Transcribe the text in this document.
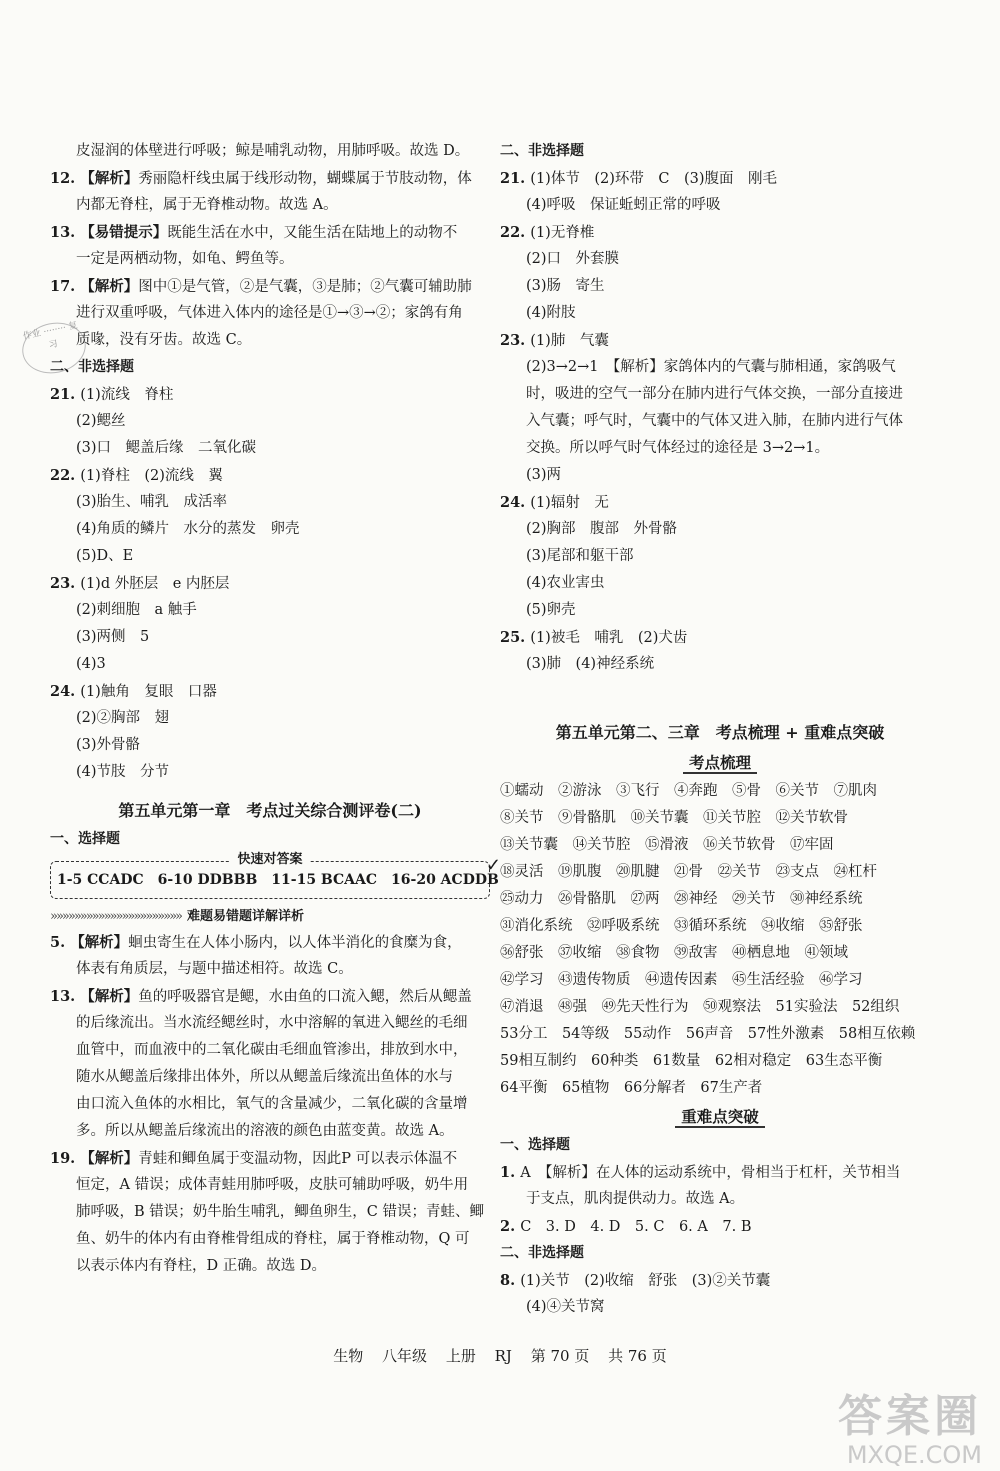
作业 ········ 复习
皮湿润的体壁进行呼吸；鲸是哺乳动物，用肺呼吸。故选 D。
12. 【解析】秀丽隐杆线虫属于线形动物，蝴蝶属于节肢动物，体
内都无脊柱，属于无脊椎动物。故选 A。
13. 【易错提示】既能生活在水中，又能生活在陆地上的动物不
一定是两栖动物，如龟、鳄鱼等。
17. 【解析】图中①是气管，②是气囊，③是肺；②气囊可辅助肺
进行双重呼吸，气体进入体内的途径是①→③→②；家鸽有角
质喙，没有牙齿。故选 C。
二、非选择题
21. (1)流线　脊柱
(2)鳃丝
(3)口　鳃盖后缘　二氧化碳
22. (1)脊柱　(2)流线　翼
(3)胎生、哺乳　成活率
(4)角质的鳞片　水分的蒸发　卵壳
(5)D、E
23. (1)d 外胚层　e 内胚层
(2)刺细胞　a 触手
(3)两侧　5
(4)3
24. (1)触角　复眼　口器
(2)②胸部　翅
(3)外骨骼
(4)节肢　分节
第五单元第一章　考点过关综合测评卷(二)
一、选择题
快速对答案
1-5 CCADC　6-10 DDBBB　11-15 BCAAC　16-20 ACDDB
✓
»»»»»»»»»»»»»»»»»»»»»» 难题易错题详解详析
5. 【解析】蛔虫寄生在人体小肠内，以人体半消化的食糜为食，
体表有角质层，与题中描述相符。故选 C。
13. 【解析】鱼的呼吸器官是鳃，水由鱼的口流入鳃，然后从鳃盖
的后缘流出。当水流经鳃丝时，水中溶解的氧进入鳃丝的毛细
血管中，而血液中的二氧化碳由毛细血管渗出，排放到水中，
随水从鳃盖后缘排出体外，所以从鳃盖后缘流出鱼体的水与
由口流入鱼体的水相比，氧气的含量减少，二氧化碳的含量增
多。所以从鳃盖后缘流出的溶液的颜色由蓝变黄。故选 A。
19. 【解析】青蛙和鲫鱼属于变温动物，因此P 可以表示体温不
恒定，A 错误；成体青蛙用肺呼吸，皮肤可辅助呼吸，奶牛用
肺呼吸，B 错误；奶牛胎生哺乳，鲫鱼卵生，C 错误；青蛙、鲫
鱼、奶牛的体内有由脊椎骨组成的脊柱，属于脊椎动物，Q 可
以表示体内有脊柱，D 正确。故选 D。
二、非选择题
21. (1)体节　(2)环带　C　(3)腹面　刚毛
(4)呼吸　保证蚯蚓正常的呼吸
22. (1)无脊椎
(2)口　外套膜
(3)肠　寄生
(4)附肢
23. (1)肺　气囊
(2)3→2→1　【解析】家鸽体内的气囊与肺相通，家鸽吸气
时，吸进的空气一部分在肺内进行气体交换，一部分直接进
入气囊；呼气时，气囊中的气体又进入肺，在肺内进行气体
交换。所以呼气时气体经过的途径是 3→2→1。
(3)两
24. (1)辐射　无
(2)胸部　腹部　外骨骼
(3)尾部和躯干部
(4)农业害虫
(5)卵壳
25. (1)被毛　哺乳　(2)犬齿
(3)肺　(4)神经系统
第五单元第二、三章　考点梳理 + 重难点突破
考点梳理
①蠕动　②游泳　③飞行　④奔跑　⑤骨　⑥关节　⑦肌肉
⑧关节　⑨骨骼肌　⑩关节囊　⑪关节腔　⑫关节软骨
⑬关节囊　⑭关节腔　⑮滑液　⑯关节软骨　⑰牢固
⑱灵活　⑲肌腹　⑳肌腱　㉑骨　㉒关节　㉓支点　㉔杠杆
㉕动力　㉖骨骼肌　㉗两　㉘神经　㉙关节　㉚神经系统
㉛消化系统　㉜呼吸系统　㉝循环系统　㉞收缩　㉟舒张
㊱舒张　㊲收缩　㊳食物　㊴敌害　㊵栖息地　㊶领域
㊷学习　㊸遗传物质　㊹遗传因素　㊺生活经验　㊻学习
㊼消退　㊽强　㊾先天性行为　㊿观察法　51实验法　52组织
53分工　54等级　55动作　56声音　57性外激素　58相互依赖
59相互制约　60种类　61数量　62相对稳定　63生态平衡
64平衡　65植物　66分解者　67生产者
重难点突破
一、选择题
1. A　【解析】在人体的运动系统中，骨相当于杠杆，关节相当
于支点，肌肉提供动力。故选 A。
2. C　3. D　4. D　5. C　6. A　7. B
二、非选择题
8. (1)关节　(2)收缩　舒张　(3)②关节囊
(4)④关节窝
生物 八年级 上册 RJ 第 70 页 共 76 页
答案圈
MXQE.COM
